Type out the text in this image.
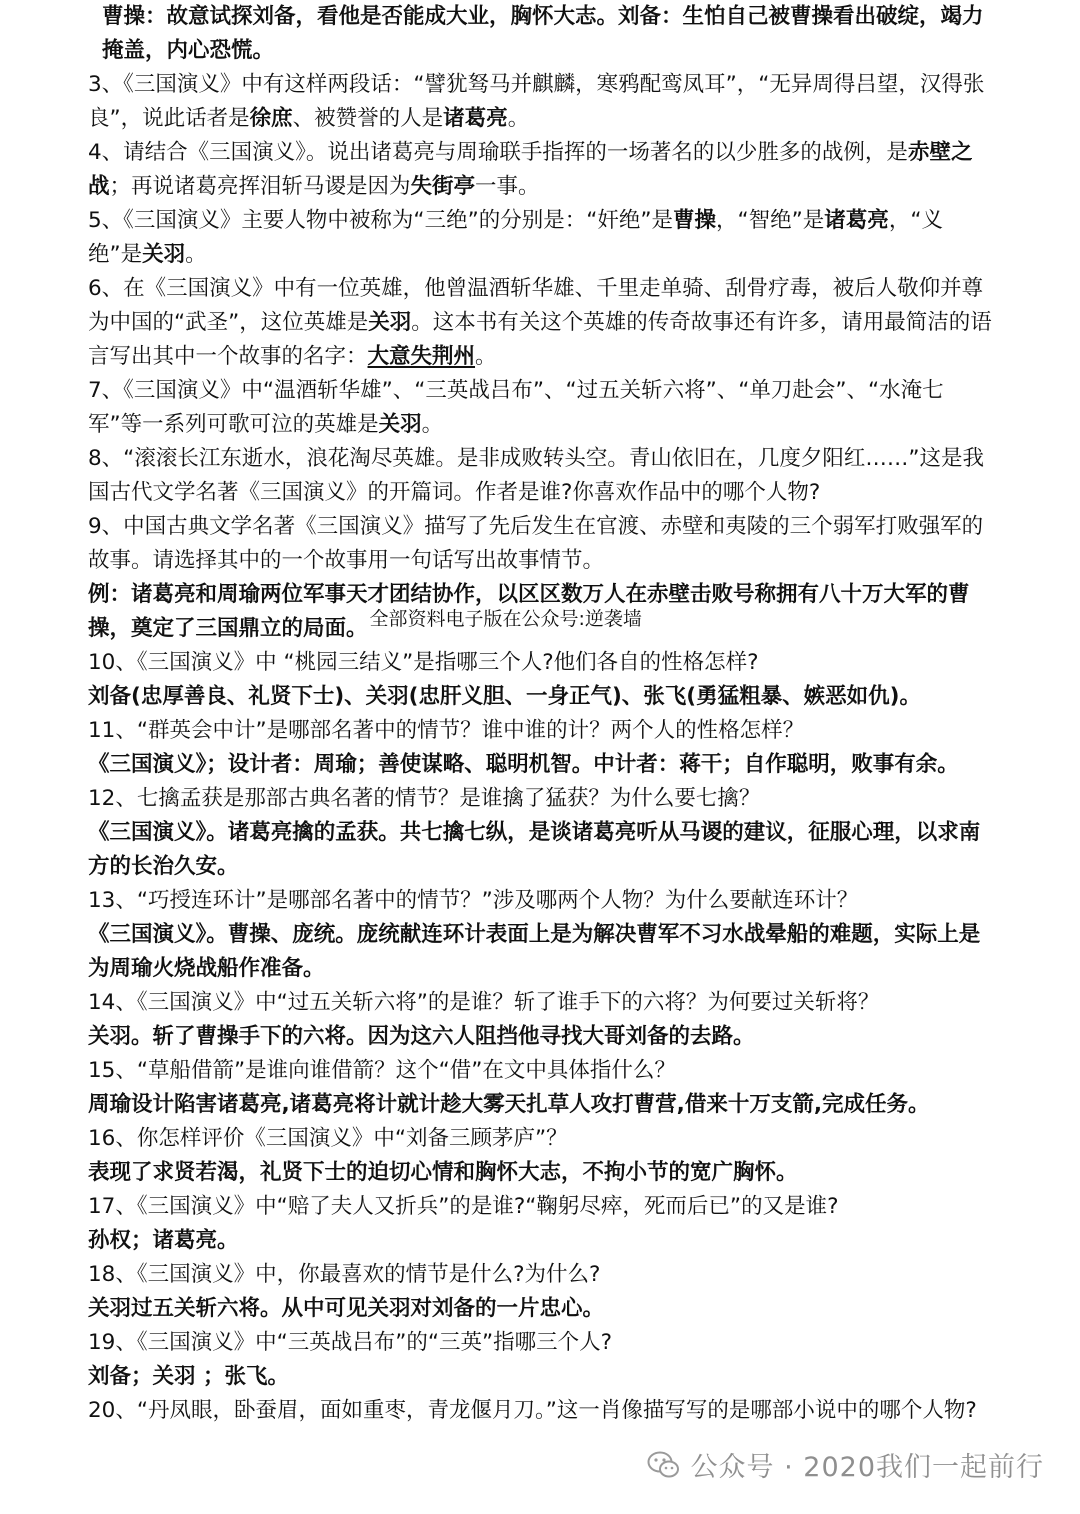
曹操：故意试探刘备，看他是否能成大业，胸怀大志。刘备：生怕自己被曹操看出破绽，竭力掩盖，内心恐慌。

3、《三国演义》中有这样两段话：“譬犹驽马并麒麟，寒鸦配鸾凤耳”，“无异周得吕望，汉得张良”，说此话者是徐庶、被赞誉的人是诸葛亮。

4、请结合《三国演义》。说出诸葛亮与周瑜联手指挥的一场著名的以少胜多的战例，是赤壁之战；再说诸葛亮挥泪斩马谡是因为失街亭一事。

5、《三国演义》主要人物中被称为“三绝”的分别是：“奸绝”是曹操，“智绝”是诸葛亮，“义绝”是关羽。

6、在《三国演义》中有一位英雄，他曾温酒斩华雄、千里走单骑、刮骨疗毒，被后人敬仰并尊为中国的“武圣”，这位英雄是关羽。这本书有关这个英雄的传奇故事还有许多，请用最简洁的语言写出其中一个故事的名字：大意失荆州。

7、《三国演义》中“温酒斩华雄”、“三英战吕布”、“过五关斩六将”、“单刀赴会”、“水淹七军”等一系列可歌可泣的英雄是关羽。

8、“滚滚长江东逝水，浪花淘尽英雄。是非成败转头空。青山依旧在，几度夕阳红……”这是我国古代文学名著《三国演义》的开篇词。作者是谁?你喜欢作品中的哪个人物?

9、中国古典文学名著《三国演义》描写了先后发生在官渡、赤壁和夷陵的三个弱军打败强军的故事。请选择其中的一个故事用一句话写出故事情节。

例：诸葛亮和周瑜两位军事天才团结协作，以区区数万人在赤壁击败号称拥有八十万大军的曹操，奠定了三国鼎立的局面。 全部资料电子版在公众号:逆袭墙

10、《三国演义》中 “桃园三结义”是指哪三个人?他们各自的性格怎样?

刘备(忠厚善良、礼贤下士)、关羽(忠肝义胆、一身正气)、张飞(勇猛粗暴、嫉恶如仇)。

11、“群英会中计”是哪部名著中的情节？谁中谁的计？两个人的性格怎样？

《三国演义》；设计者：周瑜；善使谋略、聪明机智。中计者：蒋干；自作聪明，败事有余。

12、七擒孟获是那部古典名著的情节？是谁擒了猛获？为什么要七擒？

《三国演义》。诸葛亮擒的孟获。共七擒七纵，是谈诸葛亮听从马谡的建议，征服心理，以求南方的长治久安。

13、“巧授连环计”是哪部名著中的情节？”涉及哪两个人物？为什么要献连环计？

《三国演义》。曹操、庞统。庞统献连环计表面上是为解决曹军不习水战晕船的难题，实际上是为周瑜火烧战船作准备。

14、《三国演义》中“过五关斩六将”的是谁？斩了谁手下的六将？为何要过关斩将？

关羽。斩了曹操手下的六将。因为这六人阻挡他寻找大哥刘备的去路。

15、“草船借箭”是谁向谁借箭？这个“借”在文中具体指什么？

周瑜设计陷害诸葛亮,诸葛亮将计就计趁大雾天扎草人攻打曹营,借来十万支箭,完成任务。

16、你怎样评价《三国演义》中“刘备三顾茅庐”？

表现了求贤若渴，礼贤下士的迫切心情和胸怀大志，不拘小节的宽广胸怀。

17、《三国演义》中“赔了夫人又折兵”的是谁?“鞠躬尽瘁，死而后已”的又是谁?

孙权；诸葛亮。

18、《三国演义》中，你最喜欢的情节是什么?为什么?

关羽过五关斩六将。从中可见关羽对刘备的一片忠心。

19、《三国演义》中“三英战吕布”的“三英”指哪三个人?

刘备；关羽 ；张飞。

20、“丹凤眼，卧蚕眉，面如重枣，青龙偃月刀。”这一肖像描写写的是哪部小说中的哪个人物?

公众号 · 2020我们一起前行
